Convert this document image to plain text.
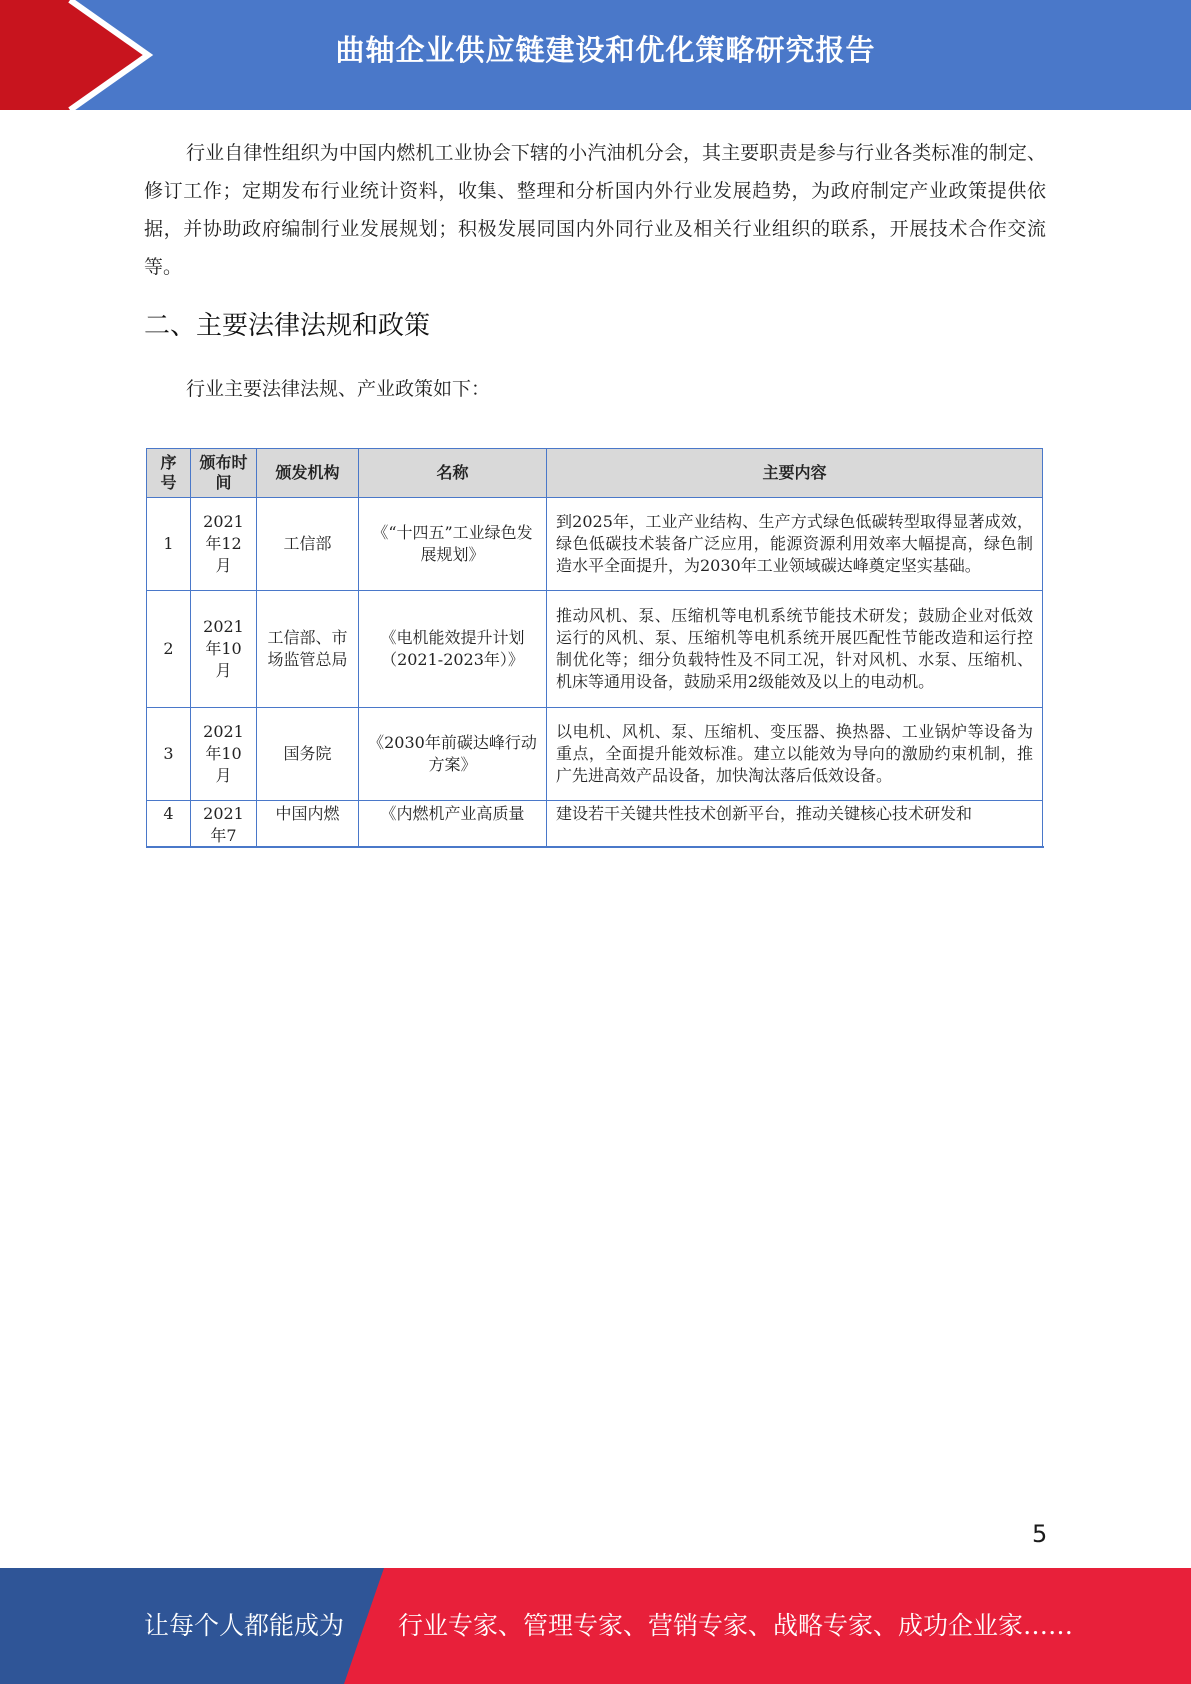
曲轴企业供应链建设和优化策略研究报告

行业自律性组织为中国内燃机工业协会下辖的小汽油机分会，其主要职责是参与行业各类标准的制定、修订工作；定期发布行业统计资料，收集、整理和分析国内外行业发展趋势，为政府制定产业政策提供依据，并协助政府编制行业发展规划；积极发展同国内外同行业及相关行业组织的联系，开展技术合作交流等。

二、主要法律法规和政策

行业主要法律法规、产业政策如下：

序号	颁布时间	颁发机构	名称	主要内容
1	2021年12月	工信部	《“十四五”工业绿色发展规划》	到2025年，工业产业结构、生产方式绿色低碳转型取得显著成效，绿色低碳技术装备广泛应用，能源资源利用效率大幅提高，绿色制造水平全面提升，为2030年工业领域碳达峰奠定坚实基础。
2	2021年10月	工信部、市场监管总局	《电机能效提升计划（2021-2023年）》	推动风机、泵、压缩机等电机系统节能技术研发；鼓励企业对低效运行的风机、泵、压缩机等电机系统开展匹配性节能改造和运行控制优化等；细分负载特性及不同工况，针对风机、水泵、压缩机、机床等通用设备，鼓励采用2级能效及以上的电动机。
3	2021年10月	国务院	《2030年前碳达峰行动方案》	以电机、风机、泵、压缩机、变压器、换热器、工业锅炉等设备为重点，全面提升能效标准。建立以能效为导向的激励约束机制，推广先进高效产品设备，加快淘汰落后低效设备。
4	2021年7	中国内燃	《内燃机产业高质量	建设若干关键共性技术创新平台，推动关键核心技术研发和
5
让每个人都能成为 行业专家、管理专家、营销专家、战略专家、成功企业家……
